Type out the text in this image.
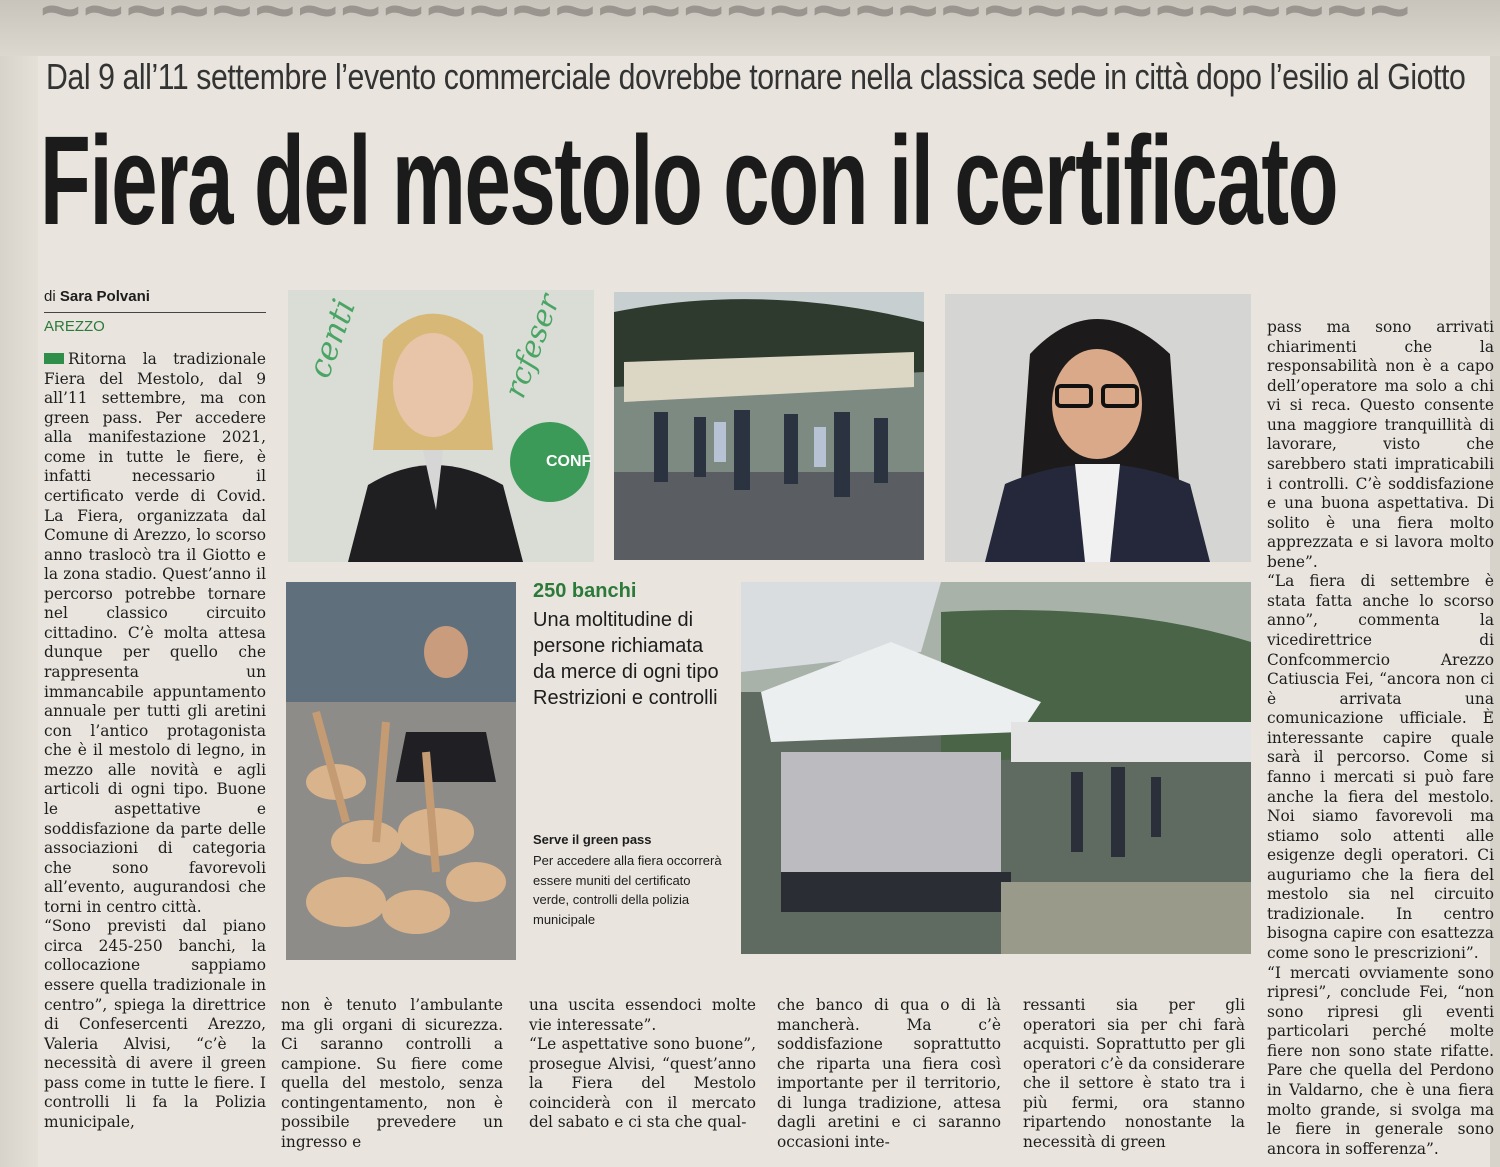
~~~~~~~~~~~~~~~~~~~~~~~~~~~~~~~~
Dal 9 all’11 settembre l’evento commerciale dovrebbe tornare nella classica sede in città dopo l’esilio al Giotto
Fiera del mestolo con il certificato
di Sara Polvani
AREZZO

Ritorna la tradizionale Fiera del Mestolo, dal 9 all’11 settembre, ma con green pass. Per accedere alla manifestazione 2021, come in tutte le fiere, è infatti necessario il certificato verde di Covid. La Fiera, organizzata dal Comune di Arezzo, lo scorso anno traslocò tra il Giotto e la zona stadio. Quest’anno il percorso potrebbe tornare nel classico circuito cittadino. C’è molta attesa dunque per quello che rappresenta un immancabile appuntamento annuale per tutti gli aretini con l’antico protagonista che è il mestolo di legno, in mezzo alle novità e agli articoli di ogni tipo. Buone le aspettative e soddisfazione da parte delle associazioni di categoria che sono favorevoli all’evento, augurandosi che torni in centro città.

“Sono previsti dal piano circa 245-250 banchi, la collocazione sappiamo essere quella tradizionale in centro”, spiega la direttrice di Confesercenti Arezzo, Valeria Alvisi, “c’è la necessità di avere il green pass come in tutte le fiere. I controlli li fa la Polizia municipale,

non è tenuto l’ambulante ma gli organi di sicurezza. Ci saranno controlli a campione. Su fiere come quella del mestolo, senza contingentamento, non è possibile prevedere un ingresso e

una uscita essendoci molte vie interessate”.

“Le aspettative sono buone”, prosegue Alvisi, “quest’anno la Fiera del Mestolo coinciderà con il mercato del sabato e ci sta che qual-

che banco di qua o di là mancherà. Ma c’è soddisfazione soprattutto che riparta una fiera così importante per il territorio, di lunga tradizione, attesa dagli aretini e ci saranno occasioni inte-

ressanti sia per gli operatori sia per chi farà acquisti. Soprattutto per gli operatori c’è da considerare che il settore è stato tra i più fermi, ora stanno ripartendo nonostante la necessità di green

pass ma sono arrivati chiarimenti che la responsabilità non è a capo dell’operatore ma solo a chi vi si reca. Questo consente una maggiore tranquillità di lavorare, visto che sarebbero stati impraticabili i controlli. C’è soddisfazione e una buona aspettativa. Di solito è una fiera molto apprezzata e si lavora molto bene”.

“La fiera di settembre è stata fatta anche lo scorso anno”, commenta la vicedirettrice di Confcommercio Arezzo Catiuscia Fei, “ancora non ci è arrivata una comunicazione ufficiale. È interessante capire quale sarà il percorso. Come si fanno i mercati si può fare anche la fiera del mestolo. Noi siamo favorevoli ma stiamo solo attenti alle esigenze degli operatori. Ci auguriamo che la fiera del mestolo sia nel circuito tradizionale. In centro bisogna capire con esattezza come sono le prescrizioni”.

“I mercati ovviamente sono ripresi”, conclude Fei, “non sono ripresi gli eventi particolari perché molte fiere non sono state rifatte. Pare che quella del Perdono in Valdarno, che è una fiera molto grande, si svolga ma le fiere in generale sono ancora in sofferenza”.

250 banchi
Una moltitudine di persone richiamata da merce di ogni tipo Restrizioni e controlli
Serve il green pass
Per accedere alla fiera occorrerà essere muniti del certificato verde, controlli della polizia municipale
CONF
centi	rcfeser
